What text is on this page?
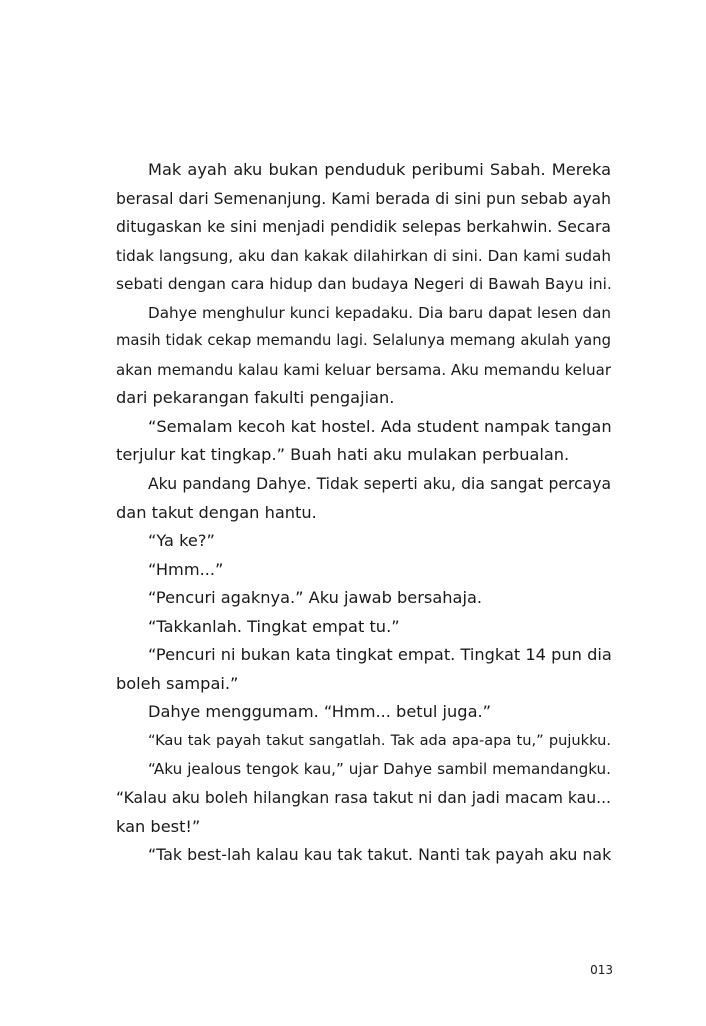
Mak ayah aku bukan penduduk peribumi Sabah. Mereka
berasal dari Semenanjung. Kami berada di sini pun sebab ayah
ditugaskan ke sini menjadi pendidik selepas berkahwin. Secara
tidak langsung, aku dan kakak dilahirkan di sini. Dan kami sudah
sebati dengan cara hidup dan budaya Negeri di Bawah Bayu ini.
Dahye menghulur kunci kepadaku. Dia baru dapat lesen dan
masih tidak cekap memandu lagi. Selalunya memang akulah yang
akan memandu kalau kami keluar bersama. Aku memandu keluar
dari pekarangan fakulti pengajian.
“Semalam kecoh kat hostel. Ada student nampak tangan
terjulur kat tingkap.” Buah hati aku mulakan perbualan.
Aku pandang Dahye. Tidak seperti aku, dia sangat percaya
dan takut dengan hantu.
“Ya ke?”
“Hmm...”
“Pencuri agaknya.” Aku jawab bersahaja.
“Takkanlah. Tingkat empat tu.”
“Pencuri ni bukan kata tingkat empat. Tingkat 14 pun dia
boleh sampai.”
Dahye menggumam. “Hmm... betul juga.”
“Kau tak payah takut sangatlah. Tak ada apa-apa tu,” pujukku.
“Aku jealous tengok kau,” ujar Dahye sambil memandangku.
“Kalau aku boleh hilangkan rasa takut ni dan jadi macam kau...
kan best!”
“Tak best-lah kalau kau tak takut. Nanti tak payah aku nak
013
